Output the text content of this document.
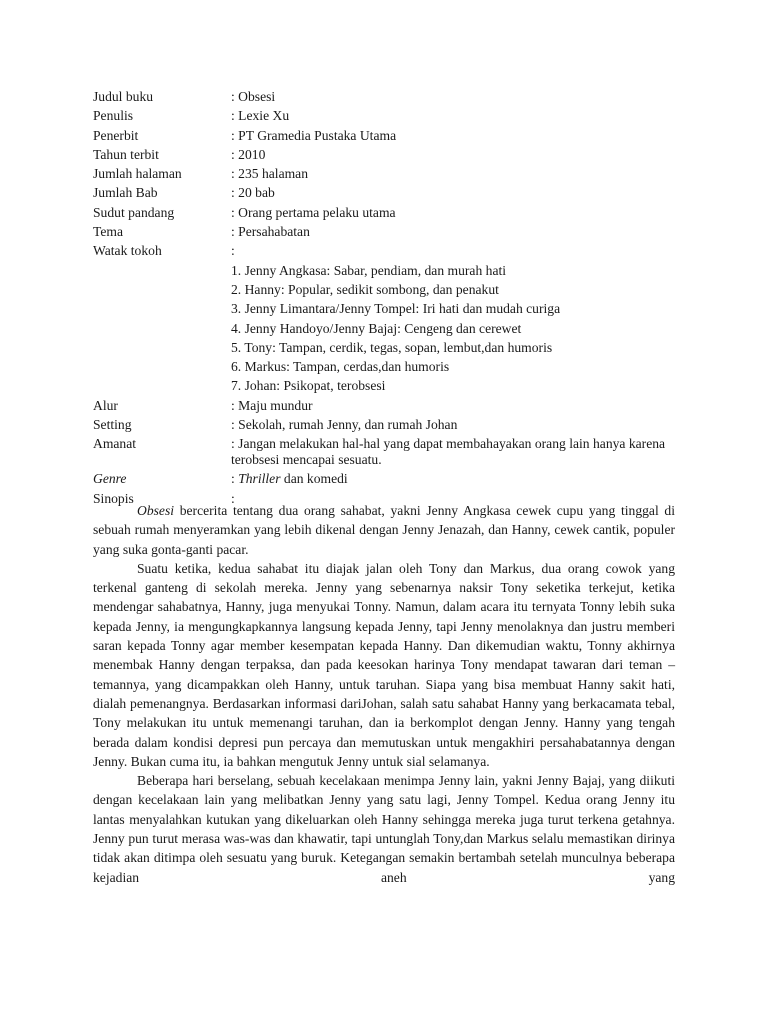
Judul buku	: Obsesi
Penulis	: Lexie Xu
Penerbit	: PT Gramedia Pustaka Utama
Tahun terbit	: 2010
Jumlah halaman	: 235 halaman
Jumlah Bab	: 20 bab
Sudut pandang	: Orang pertama pelaku utama
Tema	: Persahabatan
Watak tokoh	:
1. Jenny Angkasa: Sabar, pendiam, dan murah hati
2. Hanny: Popular, sedikit sombong, dan penakut
3. Jenny Limantara/Jenny Tompel: Iri hati dan mudah curiga
4. Jenny Handoyo/Jenny Bajaj: Cengeng dan cerewet
5. Tony: Tampan, cerdik, tegas, sopan, lembut,dan humoris
6. Markus: Tampan, cerdas,dan humoris
7. Johan: Psikopat, terobsesi
Alur	: Maju mundur
Setting	: Sekolah, rumah Jenny, dan rumah Johan
Amanat	: Jangan melakukan hal-hal yang dapat membahayakan orang lain hanya karena terobsesi mencapai sesuatu.
Genre	: Thriller dan komedi
Sinopis	:

Obsesi bercerita tentang dua orang sahabat, yakni Jenny Angkasa cewek cupu yang tinggal di sebuah rumah menyeramkan yang lebih dikenal dengan Jenny Jenazah, dan Hanny, cewek cantik, populer yang suka gonta-ganti pacar.

Suatu ketika, kedua sahabat itu diajak jalan oleh Tony dan Markus, dua orang cowok yang terkenal ganteng di sekolah mereka. Jenny yang sebenarnya naksir Tony seketika terkejut, ketika mendengar sahabatnya, Hanny, juga menyukai Tonny. Namun, dalam acara itu ternyata Tonny lebih suka kepada Jenny, ia mengungkapkannya langsung kepada Jenny, tapi Jenny menolaknya dan justru memberi saran kepada Tonny agar member kesempatan kepada Hanny. Dan dikemudian waktu, Tonny akhirnya menembak Hanny dengan terpaksa, dan pada keesokan harinya Tony mendapat tawaran dari teman – temannya, yang dicampakkan oleh Hanny, untuk taruhan. Siapa yang bisa membuat Hanny sakit hati, dialah pemenangnya. Berdasarkan informasi dariJohan, salah satu sahabat Hanny yang berkacamata tebal, Tony melakukan itu untuk memenangi taruhan, dan ia berkomplot dengan Jenny. Hanny yang tengah berada dalam kondisi depresi pun percaya dan memutuskan untuk mengakhiri persahabatannya dengan Jenny. Bukan cuma itu, ia bahkan mengutuk Jenny untuk sial selamanya.

Beberapa hari berselang, sebuah kecelakaan menimpa Jenny lain, yakni Jenny Bajaj, yang diikuti dengan kecelakaan lain yang melibatkan Jenny yang satu lagi, Jenny Tompel. Kedua orang Jenny itu lantas menyalahkan kutukan yang dikeluarkan oleh Hanny sehingga mereka juga turut terkena getahnya. Jenny pun turut merasa was-was dan khawatir, tapi untunglah Tony,dan Markus selalu memastikan dirinya tidak akan ditimpa oleh sesuatu yang buruk. Ketegangan semakin bertambah setelah munculnya beberapa kejadian aneh yang
